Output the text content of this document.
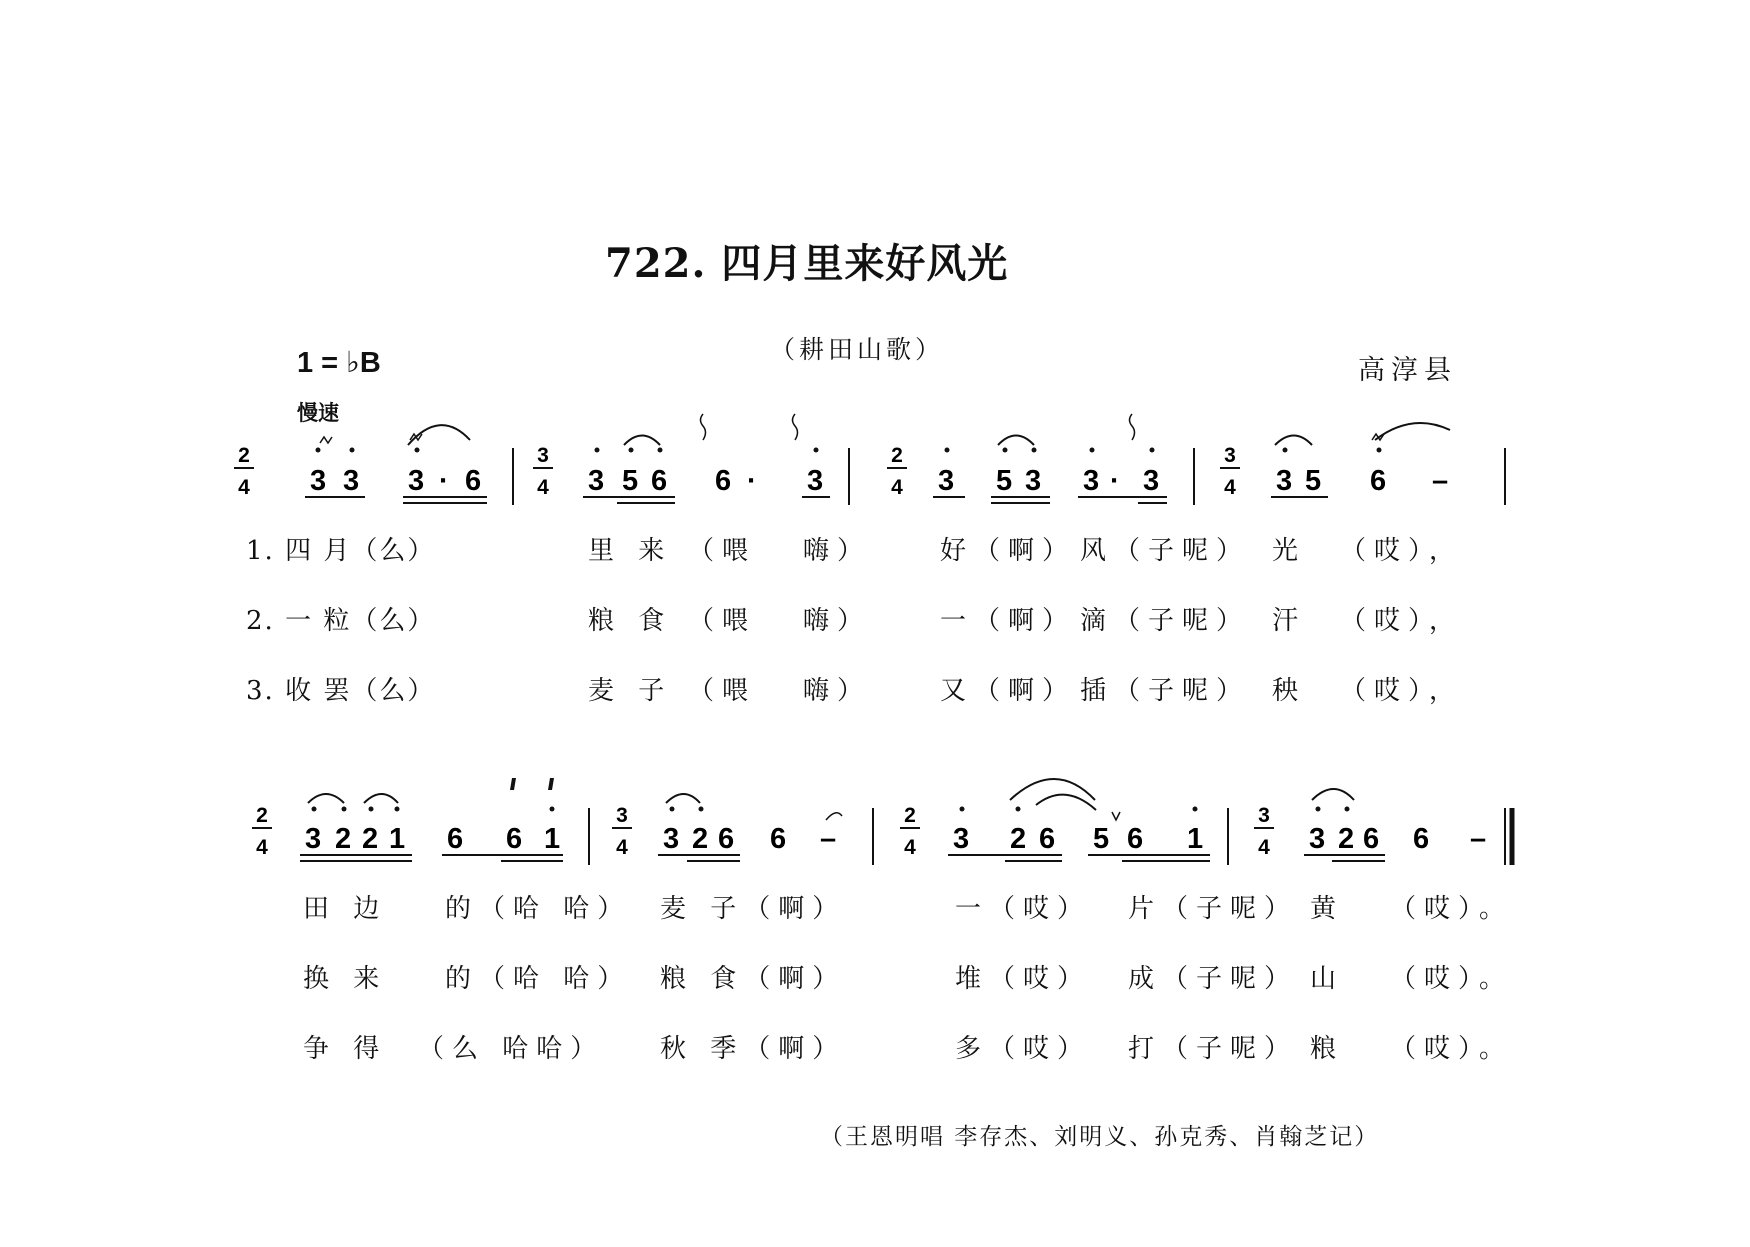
722. 四月里来好风光
（耕田山歌）
高淳县
1 = ♭B
慢速
2
4
3
4
2
4
3
4
3 3 3 · 6	3 5 6 6 · 3	3 5 3 3 · 3	3 5 6 –
1. 四 月（么）	里 来 （喂 嗨）	好（啊） 风（子呢） 光 （哎），
2. 一 粒（么）	粮 食 （喂 嗨）	一（啊） 滴（子呢） 汗 （哎），
3. 收 罢（么）	麦 子 （喂 嗨）	又（啊） 插（子呢） 秧 （哎），
2
4
3
4
2
4
3
4
3 2 2 1 6 6 1	3 2 6 6 –	3 2 6 5 6 1	3 2 6 6 –
田 边 的（哈 哈） 麦 子（啊）	一（哎） 片（子呢） 黄 （哎）。
换 来 的（哈 哈） 粮 食（啊）	堆（哎） 成（子呢） 山 （哎）。
争 得 （么 哈哈） 秋 季（啊）	多（哎） 打（子呢） 粮 （哎）。
（王恩明唱 李存杰、刘明义、孙克秀、肖翰芝记）
